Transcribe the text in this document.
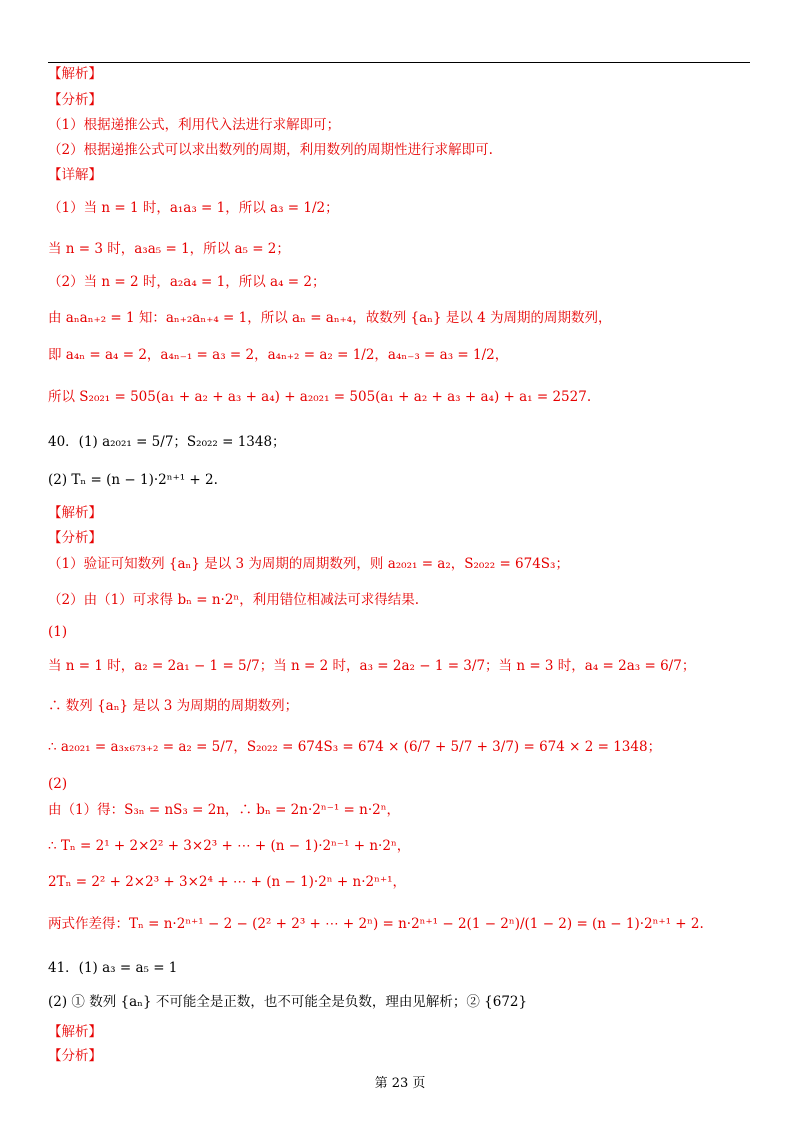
【解析】
【分析】
（1）根据递推公式，利用代入法进行求解即可；
（2）根据递推公式可以求出数列的周期，利用数列的周期性进行求解即可.
【详解】
（1）当 n = 1 时，a₁a₃ = 1，所以 a₃ = 1/2；
当 n = 3 时，a₃a₅ = 1，所以 a₅ = 2；
（2）当 n = 2 时，a₂a₄ = 1，所以 a₄ = 2；
由 aₙaₙ₊₂ = 1 知：aₙ₊₂aₙ₊₄ = 1，所以 aₙ = aₙ₊₄，故数列 {aₙ} 是以 4 为周期的周期数列，
即 a₄ₙ = a₄ = 2，a₄ₙ₋₁ = a₃ = 2，a₄ₙ₊₂ = a₂ = 1/2，a₄ₙ₋₃ = a₃ = 1/2，
所以 S₂₀₂₁ = 505(a₁ + a₂ + a₃ + a₄) + a₂₀₂₁ = 505(a₁ + a₂ + a₃ + a₄) + a₁ = 2527.
40．(1) a₂₀₂₁ = 5/7；S₂₀₂₂ = 1348；
(2) Tₙ = (n − 1)·2ⁿ⁺¹ + 2.
【解析】
【分析】
（1）验证可知数列 {aₙ} 是以 3 为周期的周期数列，则 a₂₀₂₁ = a₂，S₂₀₂₂ = 674S₃；
（2）由（1）可求得 bₙ = n·2ⁿ，利用错位相减法可求得结果.
(1)
当 n = 1 时，a₂ = 2a₁ − 1 = 5/7；当 n = 2 时，a₃ = 2a₂ − 1 = 3/7；当 n = 3 时，a₄ = 2a₃ = 6/7；
∴ 数列 {aₙ} 是以 3 为周期的周期数列；
∴ a₂₀₂₁ = a₃ₓ₆₇₃₊₂ = a₂ = 5/7，S₂₀₂₂ = 674S₃ = 674 × (6/7 + 5/7 + 3/7) = 674 × 2 = 1348；
(2)
由（1）得：S₃ₙ = nS₃ = 2n，∴ bₙ = 2n·2ⁿ⁻¹ = n·2ⁿ，
∴ Tₙ = 2¹ + 2×2² + 3×2³ + ⋯ + (n − 1)·2ⁿ⁻¹ + n·2ⁿ，
2Tₙ = 2² + 2×2³ + 3×2⁴ + ⋯ + (n − 1)·2ⁿ + n·2ⁿ⁺¹，
两式作差得：Tₙ = n·2ⁿ⁺¹ − 2 − (2² + 2³ + ⋯ + 2ⁿ) = n·2ⁿ⁺¹ − 2(1 − 2ⁿ)/(1 − 2) = (n − 1)·2ⁿ⁺¹ + 2.
41．(1) a₃ = a₅ = 1
(2) ① 数列 {aₙ} 不可能全是正数，也不可能全是负数，理由见解析；② {672}
【解析】
【分析】
第 23 页
